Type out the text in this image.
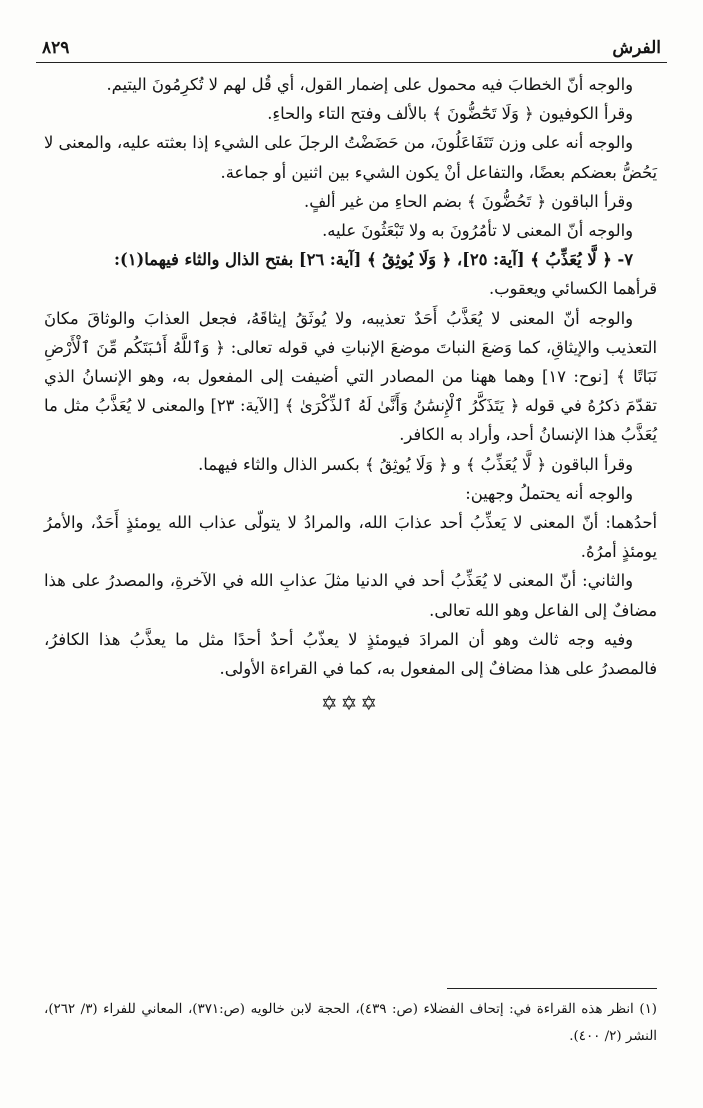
الفرش
٨٢٩

والوجه أنّ الخطابَ فيه محمول على إضمار القول، أي قُل لهم لا تُكرِمُونَ اليتيم.

وقرأ الكوفيون ﴿ وَلَا تَحَٰٓضُّونَ ﴾ بالألف وفتح التاء والحاءِ.

والوجه أنه على وزن تَتَفَاعَلُونَ، من حَضَضْتُ الرجلَ على الشيء إذا بعثته عليه، والمعنى لا يَحُضُّ بعضكم بعضًا، والتفاعل أنْ يكون الشيء بين اثنين أو جماعة.

وقرأ الباقون ﴿ تَحُضُّونَ ﴾ بضم الحاءِ من غير ألفٍ.

والوجه أنّ المعنى لا تأمُرُونَ به ولا تَبْعَثُونَ عليه.

٧- ﴿ لَّا يُعَذِّبُ ﴾ [آية: ٢٥]، ﴿ وَلَا يُوثِقُ ﴾ [آية: ٢٦] بفتح الذال والثاء فيهما(١):

قرأهما الكسائي ويعقوب.

والوجه أنّ المعنى لا يُعَذَّبُ أَحَدٌ تعذيبه، ولا يُوثَقُ إيثاقَهُ، فجعل العذابَ والوثاقَ مكانَ التعذيب والإيثاقِ، كما وَضعَ النباتَ موضعَ الإنباتِ في قوله تعالى: ﴿ وَٱللَّهُ أَنۢبَتَكُم مِّنَ ٱلْأَرْضِ نَبَاتًا ﴾ [نوح: ١٧] وهما ههنا من المصادر التي أضيفت إلى المفعول به، وهو الإنسانُ الذي تقدّمَ ذكرُهُ في قوله ﴿ يَتَذَكَّرُ ٱلْإِنسَٰنُ وَأَنَّىٰ لَهُ ٱلذِّكْرَىٰ ﴾ [الآية: ٢٣] والمعنى لا يُعَذَّبُ مثل ما يُعَذَّبُ هذا الإنسانُ أحد، وأراد به الكافر.

وقرأ الباقون ﴿ لَّا يُعَذِّبُ ﴾ و ﴿ وَلَا يُوثِقُ ﴾ بكسر الذال والثاء فيهما.

والوجه أنه يحتملُ وجهين:

أحدُهما: أنّ المعنى لا يَعذِّبُ أحد عذابَ الله، والمرادُ لا يتولّى عذاب الله يومئذٍ أَحَدٌ، والأمرُ يومئذٍ أمرُهُ.

والثاني: أنّ المعنى لا يُعَذِّبُ أحد في الدنيا مثلَ عذابِ الله في الآخرةِ، والمصدرُ على هذا مضافٌ إلى الفاعل وهو الله تعالى.

وفيه وجه ثالث وهو أن المرادَ فيومئذٍ لا يعذّبُ أحدٌ أحدًا مثل ما يعذَّبُ هذا الكافرُ، فالمصدرُ على هذا مضافٌ إلى المفعول به، كما في القراءة الأولى.

✡✡✡
(١) انظر هذه القراءة في: إتحاف الفضلاء (ص: ٤٣٩)، الحجة لابن خالويه (ص:٣٧١)، المعاني للفراء (٣/ ٢٦٢)، النشر (٢/ ٤٠٠).
